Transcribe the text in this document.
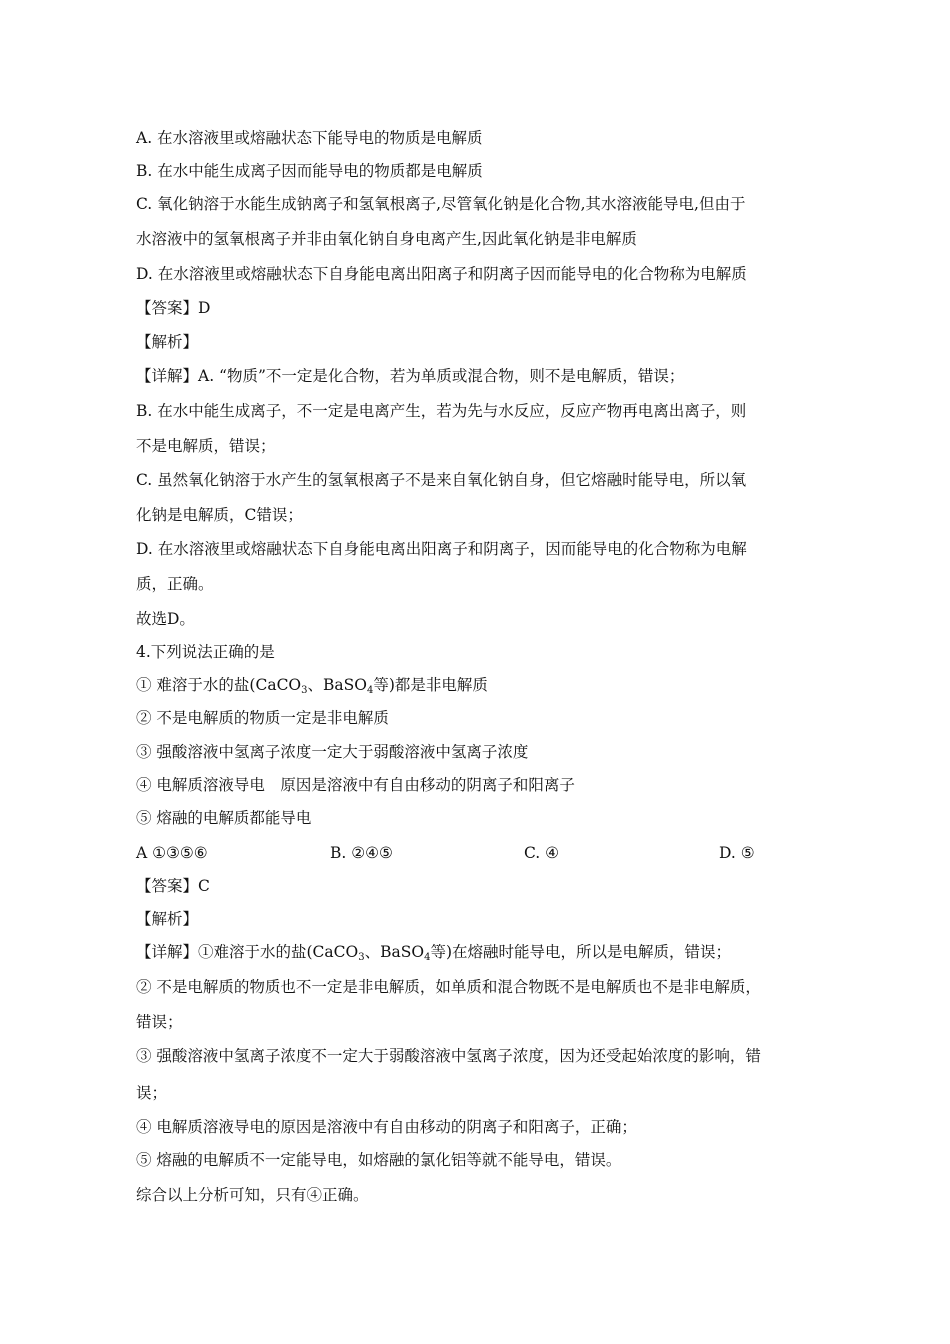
A. 在水溶液里或熔融状态下能导电的物质是电解质
B. 在水中能生成离子因而能导电的物质都是电解质
C. 氧化钠溶于水能生成钠离子和氢氧根离子,尽管氧化钠是化合物,其水溶液能导电,但由于
水溶液中的氢氧根离子并非由氧化钠自身电离产生,因此氧化钠是非电解质
D. 在水溶液里或熔融状态下自身能电离出阳离子和阴离子因而能导电的化合物称为电解质
【答案】D
【解析】
【详解】A. “物质”不一定是化合物，若为单质或混合物，则不是电解质，错误；
B. 在水中能生成离子，不一定是电离产生，若为先与水反应，反应产物再电离出离子，则
不是电解质，错误；
C. 虽然氧化钠溶于水产生的氢氧根离子不是来自氧化钠自身，但它熔融时能导电，所以氧
化钠是电解质，C错误；
D. 在水溶液里或熔融状态下自身能电离出阳离子和阴离子，因而能导电的化合物称为电解
质，正确。
故选D。
4.下列说法正确的是
① 难溶于水的盐(CaCO$_3$、BaSO$_4$等)都是非电解质
② 不是电解质的物质一定是非电解质
③ 强酸溶液中氢离子浓度一定大于弱酸溶液中氢离子浓度
④ 电解质溶液导电　原因是溶液中有自由移动的阴离子和阳离子
⑤ 熔融的电解质都能导电
A ①③⑤⑥	B. ②④⑤	C. ④	D. ⑤
【答案】C
【解析】
【详解】①难溶于水的盐(CaCO$_3$、BaSO$_4$等)在熔融时能导电，所以是电解质，错误；
② 不是电解质的物质也不一定是非电解质，如单质和混合物既不是电解质也不是非电解质，
错误；
③ 强酸溶液中氢离子浓度不一定大于弱酸溶液中氢离子浓度，因为还受起始浓度的影响，错
误；
④ 电解质溶液导电的原因是溶液中有自由移动的阴离子和阳离子，正确；
⑤ 熔融的电解质不一定能导电，如熔融的氯化铝等就不能导电，错误。
综合以上分析可知，只有④正确。
